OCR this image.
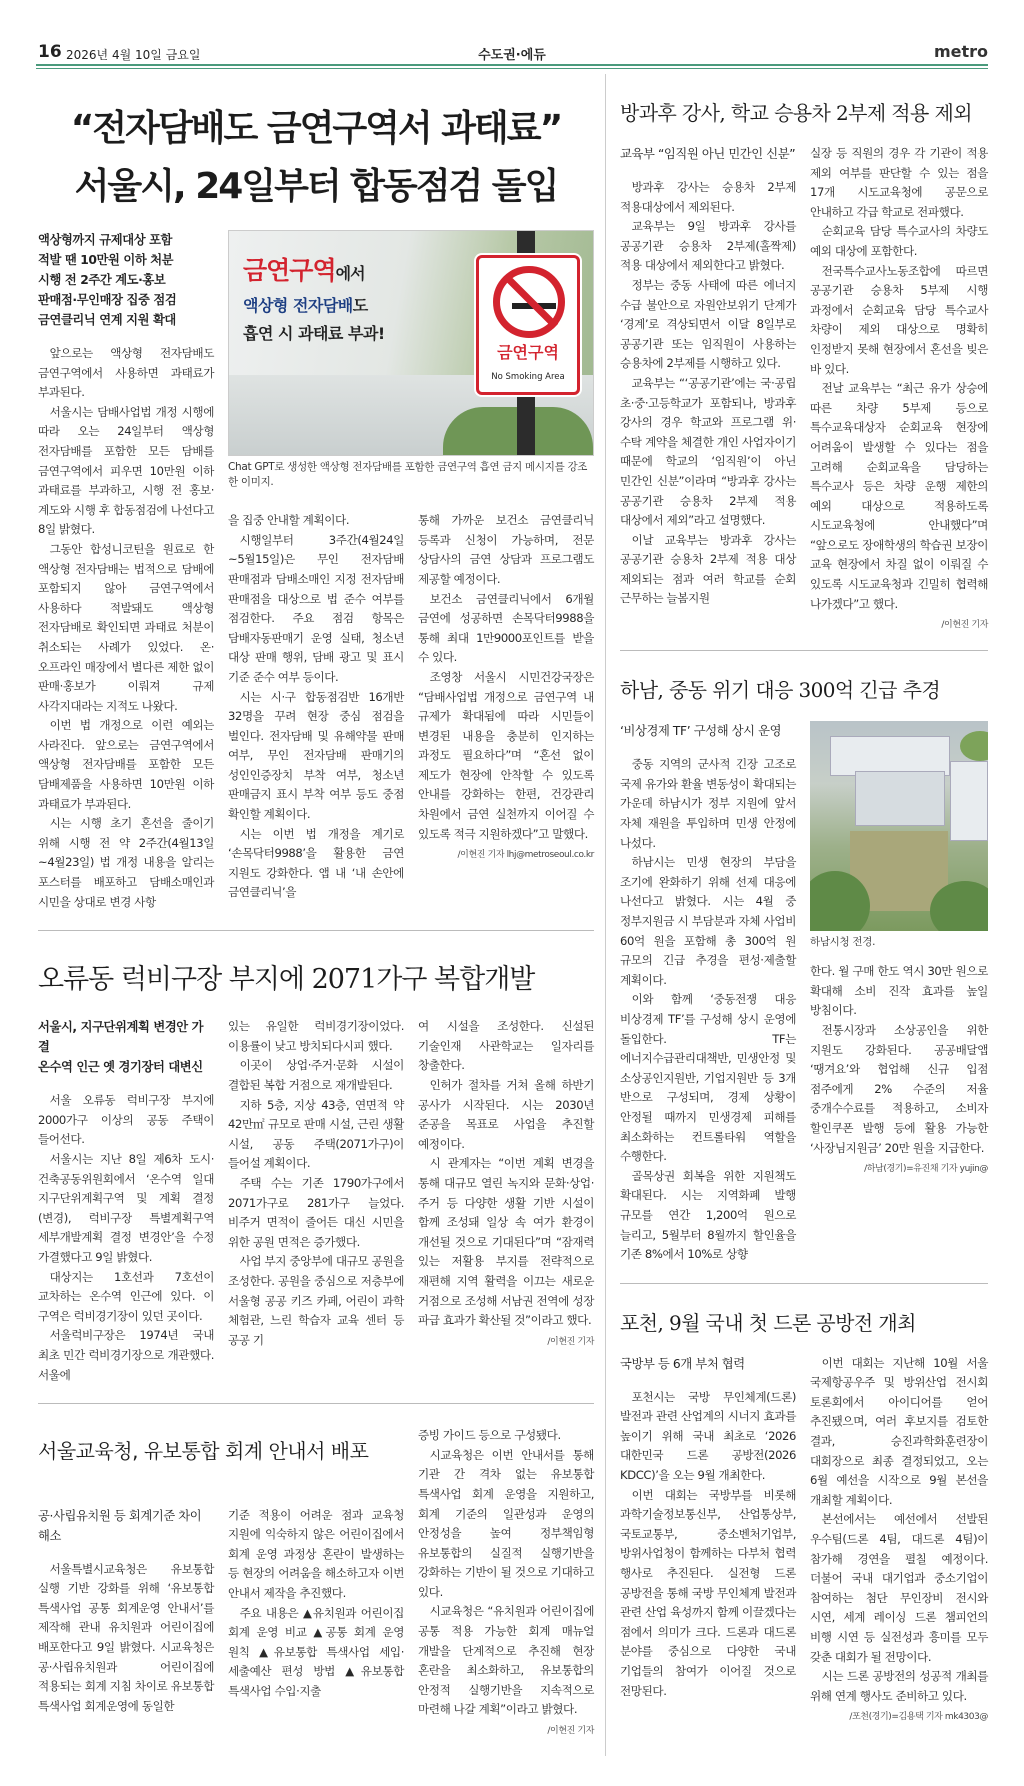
16 2026년 4월 10일 금요일	수도권·에듀	metro
“전자담배도 금연구역서 과태료”
서울시, 24일부터 합동점검 돌입
액상형까지 규제대상 포함
적발 땐 10만원 이하 처분
시행 전 2주간 계도·홍보
판매점·무인매장 집중 점검
금연클리닉 연계 지원 확대

앞으로는 액상형 전자담배도 금연구역에서 사용하면 과태료가 부과된다.

서울시는 담배사업법 개정 시행에 따라 오는 24일부터 액상형 전자담배를 포함한 모든 담배를 금연구역에서 피우면 10만원 이하 과태료를 부과하고, 시행 전 홍보·계도와 시행 후 합동점검에 나선다고 8일 밝혔다.

그동안 합성니코틴을 원료로 한 액상형 전자담배는 법적으로 담배에 포함되지 않아 금연구역에서 사용하다 적발돼도 액상형 전자담배로 확인되면 과태료 처분이 취소되는 사례가 있었다. 온·오프라인 매장에서 별다른 제한 없이 판매·홍보가 이뤄져 규제 사각지대라는 지적도 나왔다.

이번 법 개정으로 이런 예외는 사라진다. 앞으로는 금연구역에서 액상형 전자담배를 포함한 모든 담배제품을 사용하면 10만원 이하 과태료가 부과된다.

시는 시행 초기 혼선을 줄이기 위해 시행 전 약 2주간(4월13일~4월23일) 법 개정 내용을 알리는 포스터를 배포하고 담배소매인과 시민을 상대로 변경 사항

금연구역에서
액상형 전자담배도
흡연 시 과태료 부과!
금연구역
No Smoking Area
Chat GPT로 생성한 액상형 전자담배를 포함한 금연구역 흡연 금지 메시지를 강조한 이미지.

을 집중 안내할 계획이다.

시행일부터 3주간(4월24일~5월15일)은 무인 전자담배 판매점과 담배소매인 지정 전자담배 판매점을 대상으로 법 준수 여부를 점검한다. 주요 점검 항목은 담배자동판매기 운영 실태, 청소년 대상 판매 행위, 담배 광고 및 표시 기준 준수 여부 등이다.

시는 시·구 합동점검반 16개반 32명을 꾸려 현장 중심 점검을 벌인다. 전자담배 및 유해약물 판매 여부, 무인 전자담배 판매기의 성인인증장치 부착 여부, 청소년 판매금지 표시 부착 여부 등도 중점 확인할 계획이다.

시는 이번 법 개정을 계기로 ‘손목닥터9988’을 활용한 금연 지원도 강화한다. 앱 내 ‘내 손안에 금연클리닉’을

통해 가까운 보건소 금연클리닉 등록과 신청이 가능하며, 전문 상담사의 금연 상담과 프로그램도 제공할 예정이다.

보건소 금연클리닉에서 6개월 금연에 성공하면 손목닥터9988을 통해 최대 1만9000포인트를 받을 수 있다.

조영창 서울시 시민건강국장은 “담배사업법 개정으로 금연구역 내 규제가 확대됨에 따라 시민들이 변경된 내용을 충분히 인지하는 과정도 필요하다”며 “혼선 없이 제도가 현장에 안착할 수 있도록 안내를 강화하는 한편, 건강관리 차원에서 금연 실천까지 이어질 수 있도록 적극 지원하겠다”고 말했다.

/이현진 기자 lhj@metroseoul.co.kr
오류동 럭비구장 부지에 2071가구 복합개발
서울시, 지구단위계획 변경안 가결
온수역 인근 옛 경기장터 대변신

서울 오류동 럭비구장 부지에 2000가구 이상의 공동 주택이 들어선다.

서울시는 지난 8일 제6차 도시·건축공동위원회에서 ‘온수역 일대 지구단위계획구역 및 계획 결정(변경), 럭비구장 특별계획구역 세부개발계획 결정 변경안’을 수정 가결했다고 9일 밝혔다.

대상지는 1호선과 7호선이 교차하는 온수역 인근에 있다. 이 구역은 럭비경기장이 있던 곳이다.

서울럭비구장은 1974년 국내 최초 민간 럭비경기장으로 개관했다. 서울에

있는 유일한 럭비경기장이었다. 이용률이 낮고 방치되다시피 했다.

이곳이 상업·주거·문화 시설이 결합된 복합 거점으로 재개발된다.

지하 5층, 지상 43층, 연면적 약 42만㎡ 규모로 판매 시설, 근린 생활 시설, 공동 주택(2071가구)이 들어설 계획이다.

주택 수는 기존 1790가구에서 2071가구로 281가구 늘었다. 비주거 면적이 줄어든 대신 시민을 위한 공원 면적은 증가했다.

사업 부지 중앙부에 대규모 공원을 조성한다. 공원을 중심으로 저층부에 서울형 공공 키즈 카페, 어린이 과학 체험관, 느린 학습자 교육 센터 등 공공 기

여 시설을 조성한다. 신설된 기술인재 사관학교는 일자리를 창출한다.

인허가 절차를 거쳐 올해 하반기 공사가 시작된다. 시는 2030년 준공을 목표로 사업을 추진할 예정이다.

시 관계자는 “이번 계획 변경을 통해 대규모 열린 녹지와 문화·상업·주거 등 다양한 생활 기반 시설이 함께 조성돼 일상 속 여가 환경이 개선될 것으로 기대된다”며 “잠재력 있는 저활용 부지를 전략적으로 재편해 지역 활력을 이끄는 새로운 거점으로 조성해 서남권 전역에 성장 파급 효과가 확산될 것”이라고 했다.

/이현진 기자
서울교육청, 유보통합 회계 안내서 배포
공·사립유치원 등 회계기준 차이 해소

서울특별시교육청은 유보통합 실행 기반 강화를 위해 ‘유보통합 특색사업 공통 회계운영 안내서’를 제작해 관내 유치원과 어린이집에 배포한다고 9일 밝혔다. 시교육청은 공·사립유치원과 어린이집에 적용되는 회계 지침 차이로 유보통합 특색사업 회계운영에 동일한

기준 적용이 어려운 점과 교육청 지원에 익숙하지 않은 어린이집에서 회계 운영 과정상 혼란이 발생하는 등 현장의 어려움을 해소하고자 이번 안내서 제작을 추진했다.

주요 내용은 ▲유치원과 어린이집 회계 운영 비교 ▲공통 회계 운영 원칙 ▲유보통합 특색사업 세입·세출예산 편성 방법 ▲유보통합 특색사업 수입·지출

증빙 가이드 등으로 구성됐다.

시교육청은 이번 안내서를 통해 기관 간 격차 없는 유보통합 특색사업 회계 운영을 지원하고, 회계 기준의 일관성과 운영의 안정성을 높여 정부책임형 유보통합의 실질적 실행기반을 강화하는 기반이 될 것으로 기대하고 있다.

시교육청은 “유치원과 어린이집에 공통 적용 가능한 회계 매뉴얼 개발을 단계적으로 추진해 현장 혼란을 최소화하고, 유보통합의 안정적 실행기반을 지속적으로 마련해 나갈 계획”이라고 밝혔다.

/이현진 기자
방과후 강사, 학교 승용차 2부제 적용 제외
교육부 “임직원 아닌 민간인 신분”

방과후 강사는 승용차 2부제 적용대상에서 제외된다.

교육부는 9일 방과후 강사를 공공기관 승용차 2부제(홀짝제) 적용 대상에서 제외한다고 밝혔다.

정부는 중동 사태에 따른 에너지 수급 불안으로 자원안보위기 단계가 ‘경계’로 격상되면서 이달 8일부로 공공기관 또는 임직원이 사용하는 승용차에 2부제를 시행하고 있다.

교육부는 “‘공공기관’에는 국·공립 초·중·고등학교가 포함되나, 방과후 강사의 경우 학교와 프로그램 위·수탁 계약을 체결한 개인 사업자이기 때문에 학교의 ‘임직원’이 아닌 민간인 신분”이라며 “방과후 강사는 공공기관 승용차 2부제 적용 대상에서 제외”라고 설명했다.

이날 교육부는 방과후 강사는 공공기관 승용차 2부제 적용 대상 제외되는 점과 여러 학교를 순회 근무하는 늘봄지원

실장 등 직원의 경우 각 기관이 적용 제외 여부를 판단할 수 있는 점을 17개 시도교육청에 공문으로 안내하고 각급 학교로 전파했다.

순회교육 담당 특수교사의 차량도 예외 대상에 포함한다.

전국특수교사노동조합에 따르면 공공기관 승용차 5부제 시행 과정에서 순회교육 담당 특수교사 차량이 제외 대상으로 명확히 인정받지 못해 현장에서 혼선을 빚은 바 있다.

전날 교육부는 “최근 유가 상승에 따른 차량 5부제 등으로 특수교육대상자 순회교육 현장에 어려움이 발생할 수 있다는 점을 고려해 순회교육을 담당하는 특수교사 등은 차량 운행 제한의 예외 대상으로 적용하도록 시도교육청에 안내했다”며 “앞으로도 장애학생의 학습권 보장이 교육 현장에서 차질 없이 이뤄질 수 있도록 시도교육청과 긴밀히 협력해 나가겠다”고 했다.

/이현진 기자
하남, 중동 위기 대응 300억 긴급 추경
‘비상경제 TF’ 구성해 상시 운영

중동 지역의 군사적 긴장 고조로 국제 유가와 환율 변동성이 확대되는 가운데 하남시가 정부 지원에 앞서 자체 재원을 투입하며 민생 안정에 나섰다.

하남시는 민생 현장의 부담을 조기에 완화하기 위해 선제 대응에 나선다고 밝혔다. 시는 4월 중 정부지원금 시 부담분과 자체 사업비 60억 원을 포함해 총 300억 원 규모의 긴급 추경을 편성·제출할 계획이다.

이와 함께 ‘중동전쟁 대응 비상경제 TF’를 구성해 상시 운영에 돌입한다. TF는 에너지수급관리대책반, 민생안정 및 소상공인지원반, 기업지원반 등 3개 반으로 구성되며, 경제 상황이 안정될 때까지 민생경제 피해를 최소화하는 컨트롤타워 역할을 수행한다.

골목상권 회복을 위한 지원책도 확대된다. 시는 지역화폐 발행 규모를 연간 1,200억 원으로 늘리고, 5월부터 8월까지 할인율을 기존 8%에서 10%로 상향

하남시청 전경.

한다. 월 구매 한도 역시 30만 원으로 확대해 소비 진작 효과를 높일 방침이다.

전통시장과 소상공인을 위한 지원도 강화된다. 공공배달앱 ‘땡겨요’와 협업해 신규 입점 점주에게 2% 수준의 저율 중개수수료를 적용하고, 소비자 할인쿠폰 발행 등에 활용 가능한 ‘사장님지원금’ 20만 원을 지급한다.

/하남(경기)=유진채 기자 yujin@
포천, 9월 국내 첫 드론 공방전 개최
국방부 등 6개 부처 협력

포천시는 국방 무인체계(드론) 발전과 관련 산업계의 시너지 효과를 높이기 위해 국내 최초로 ‘2026 대한민국 드론 공방전(2026 KDCC)’을 오는 9월 개최한다.

이번 대회는 국방부를 비롯해 과학기술정보통신부, 산업통상부, 국토교통부, 중소벤처기업부, 방위사업청이 함께하는 다부처 협력 행사로 추진된다. 실전형 드론 공방전을 통해 국방 무인체계 발전과 관련 산업 육성까지 함께 이끌겠다는 점에서 의미가 크다. 드론과 대드론 분야를 중심으로 다양한 국내 기업들의 참여가 이어질 것으로 전망된다.

이번 대회는 지난해 10월 서울 국제항공우주 및 방위산업 전시회 토론회에서 아이디어를 얻어 추진됐으며, 여러 후보지를 검토한 결과, 승진과학화훈련장이 대회장으로 최종 결정되었고, 오는 6월 예선을 시작으로 9월 본선을 개최할 계획이다.

본선에서는 예선에서 선발된 우수팀(드론 4팀, 대드론 4팀)이 참가해 경연을 펼칠 예정이다. 더불어 국내 대기업과 중소기업이 참여하는 첨단 무인장비 전시와 시연, 세계 레이싱 드론 챔피언의 비행 시연 등 실전성과 흥미를 모두 갖춘 대회가 될 전망이다.

시는 드론 공방전의 성공적 개최를 위해 연계 행사도 준비하고 있다.

/포천(경기)=김용택 기자 mk4303@
